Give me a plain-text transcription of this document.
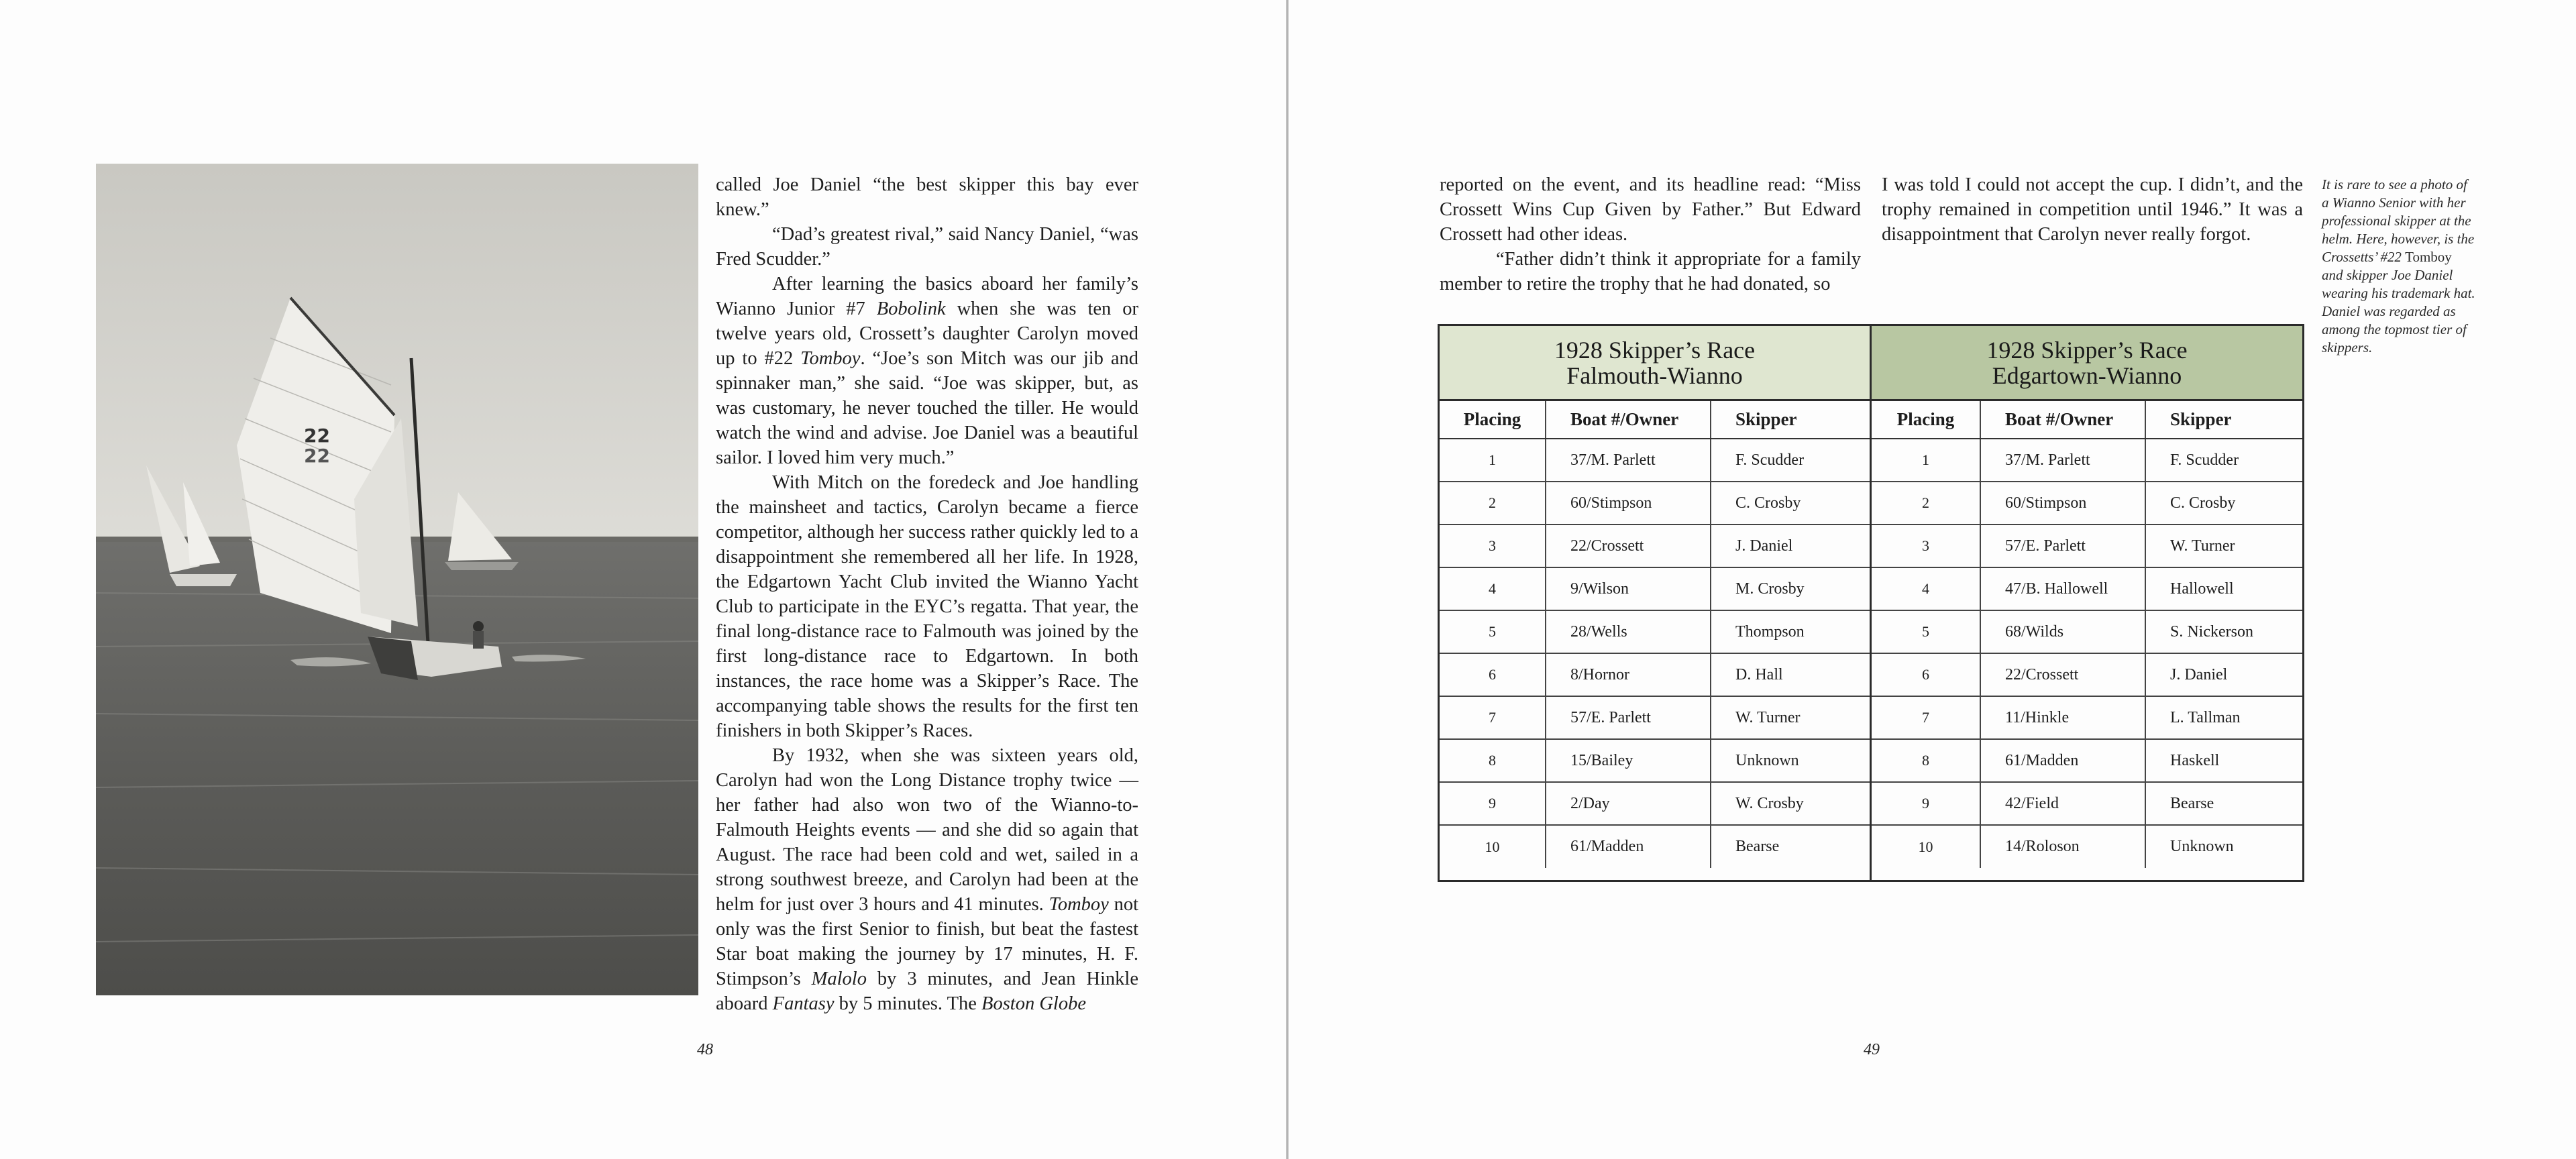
22
22

called Joe Daniel “the best skipper this bay ever knew.”

“Dad’s greatest rival,” said Nancy Daniel, “was Fred Scudder.”

After learning the basics aboard her family’s Wianno Junior #7 Bobolink when she was ten or twelve years old, Crossett’s daughter Carolyn moved up to #22 Tomboy. “Joe’s son Mitch was our jib and spinnaker man,” she said. “Joe was skipper, but, as was customary, he never touched the tiller. He would watch the wind and advise. Joe Daniel was a beautiful sailor. I loved him very much.”

With Mitch on the foredeck and Joe handling the mainsheet and tactics, Carolyn became a fierce competitor, although her success rather quickly led to a disappointment she remembered all her life. In 1928, the Edgartown Yacht Club invited the Wianno Yacht Club to participate in the EYC’s regatta. That year, the final long-distance race to Falmouth was joined by the first long-distance race to Edgartown. In both instances, the race home was a Skipper’s Race. The accompanying table shows the results for the first ten finishers in both Skipper’s Races.

By 1932, when she was sixteen years old, Carolyn had won the Long Distance trophy twice — her father had also won two of the Wianno-to-Falmouth Heights events — and she did so again that August. The race had been cold and wet, sailed in a strong southwest breeze, and Carolyn had been at the helm for just over 3 hours and 41 minutes. Tomboy not only was the first Senior to finish, but beat the fastest Star boat making the journey by 17 minutes, H. F. Stimpson’s Malolo by 3 minutes, and Jean Hinkle aboard Fantasy by 5 minutes. The Boston Globe

48

reported on the event, and its headline read: “Miss Crossett Wins Cup Given by Father.” But Edward Crossett had other ideas.

“Father didn’t think it appropriate for a family member to retire the trophy that he had donated, so

I was told I could not accept the cup. I didn’t, and the trophy remained in competition until 1946.” It was a disappointment that Carolyn never really forgot.

It is rare to see a photo of a Wianno Senior with her professional skipper at the helm. Here, however, is the Crossetts’ #22 Tomboy and skipper Joe Daniel wearing his trademark hat. Daniel was regarded as among the topmost tier of skippers.
1928 Skipper’s Race
Falmouth-Wianno
Placing	Boat #/Owner	Skipper
1	37/M. Parlett	F. Scudder
2	60/Stimpson	C. Crosby
3	22/Crossett	J. Daniel
4	9/Wilson	M. Crosby
5	28/Wells	Thompson
6	8/Hornor	D. Hall
7	57/E. Parlett	W. Turner
8	15/Bailey	Unknown
9	2/Day	W. Crosby
10	61/Madden	Bearse
1928 Skipper’s Race
Edgartown-Wianno
Placing	Boat #/Owner	Skipper
1	37/M. Parlett	F. Scudder
2	60/Stimpson	C. Crosby
3	57/E. Parlett	W. Turner
4	47/B. Hallowell	Hallowell
5	68/Wilds	S. Nickerson
6	22/Crossett	J. Daniel
7	11/Hinkle	L. Tallman
8	61/Madden	Haskell
9	42/Field	Bearse
10	14/Roloson	Unknown
49
